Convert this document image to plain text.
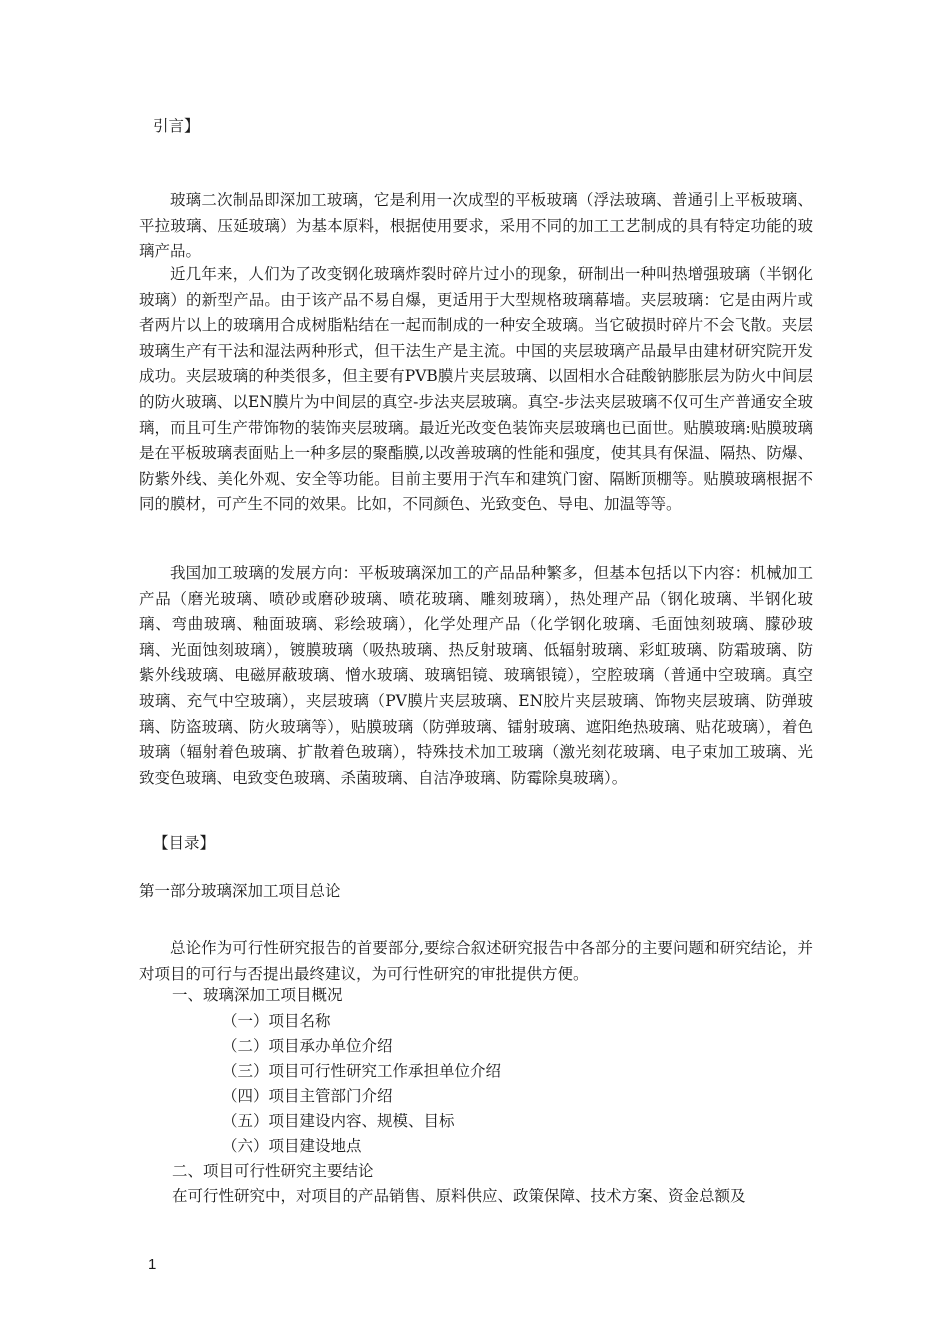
引言】
玻璃二次制品即深加工玻璃，它是利用一次成型的平板玻璃（浮法玻璃、普通引上平板玻璃、平拉玻璃、压延玻璃）为基本原料，根据使用要求，采用不同的加工工艺制成的具有特定功能的玻璃产品。
近几年来，人们为了改变钢化玻璃炸裂时碎片过小的现象，研制出一种叫热增强玻璃（半钢化玻璃）的新型产品。由于该产品不易自爆，更适用于大型规格玻璃幕墙。夹层玻璃：它是由两片或者两片以上的玻璃用合成树脂粘结在一起而制成的一种安全玻璃。当它破损时碎片不会飞散。夹层玻璃生产有干法和湿法两种形式，但干法生产是主流。中国的夹层玻璃产品最早由建材研究院开发成功。夹层玻璃的种类很多，但主要有PVB膜片夹层玻璃、以固相水合硅酸钠膨胀层为防火中间层的防火玻璃、以EN膜片为中间层的真空-步法夹层玻璃。真空-步法夹层玻璃不仅可生产普通安全玻璃，而且可生产带饰物的装饰夹层玻璃。最近光改变色装饰夹层玻璃也已面世。贴膜玻璃:贴膜玻璃是在平板玻璃表面贴上一种多层的聚酯膜,以改善玻璃的性能和强度，使其具有保温、隔热、防爆、防紫外线、美化外观、安全等功能。目前主要用于汽车和建筑门窗、隔断顶棚等。贴膜玻璃根据不同的膜材，可产生不同的效果。比如，不同颜色、光致变色、导电、加温等等。
我国加工玻璃的发展方向：平板玻璃深加工的产品品种繁多，但基本包括以下内容：机械加工产品（磨光玻璃、喷砂或磨砂玻璃、喷花玻璃、雕刻玻璃），热处理产品（钢化玻璃、半钢化玻璃、弯曲玻璃、釉面玻璃、彩绘玻璃），化学处理产品（化学钢化玻璃、毛面蚀刻玻璃、朦砂玻璃、光面蚀刻玻璃），镀膜玻璃（吸热玻璃、热反射玻璃、低辐射玻璃、彩虹玻璃、防霜玻璃、防紫外线玻璃、电磁屏蔽玻璃、憎水玻璃、玻璃铝镜、玻璃银镜），空腔玻璃（普通中空玻璃。真空玻璃、充气中空玻璃），夹层玻璃（PV膜片夹层玻璃、EN胶片夹层玻璃、饰物夹层玻璃、防弹玻璃、防盗玻璃、防火玻璃等），贴膜玻璃（防弹玻璃、镭射玻璃、遮阳绝热玻璃、贴花玻璃），着色玻璃（辐射着色玻璃、扩散着色玻璃），特殊技术加工玻璃（激光刻花玻璃、电子束加工玻璃、光致变色玻璃、电致变色玻璃、杀菌玻璃、自洁净玻璃、防霉除臭玻璃）。
【目录】
第一部分玻璃深加工项目总论
总论作为可行性研究报告的首要部分,要综合叙述研究报告中各部分的主要问题和研究结论，并对项目的可行与否提出最终建议，为可行性研究的审批提供方便。
一、玻璃深加工项目概况
（一）项目名称
（二）项目承办单位介绍
（三）项目可行性研究工作承担单位介绍
（四）项目主管部门介绍
（五）项目建设内容、规模、目标
（六）项目建设地点
二、项目可行性研究主要结论
在可行性研究中，对项目的产品销售、原料供应、政策保障、技术方案、资金总额及
1
